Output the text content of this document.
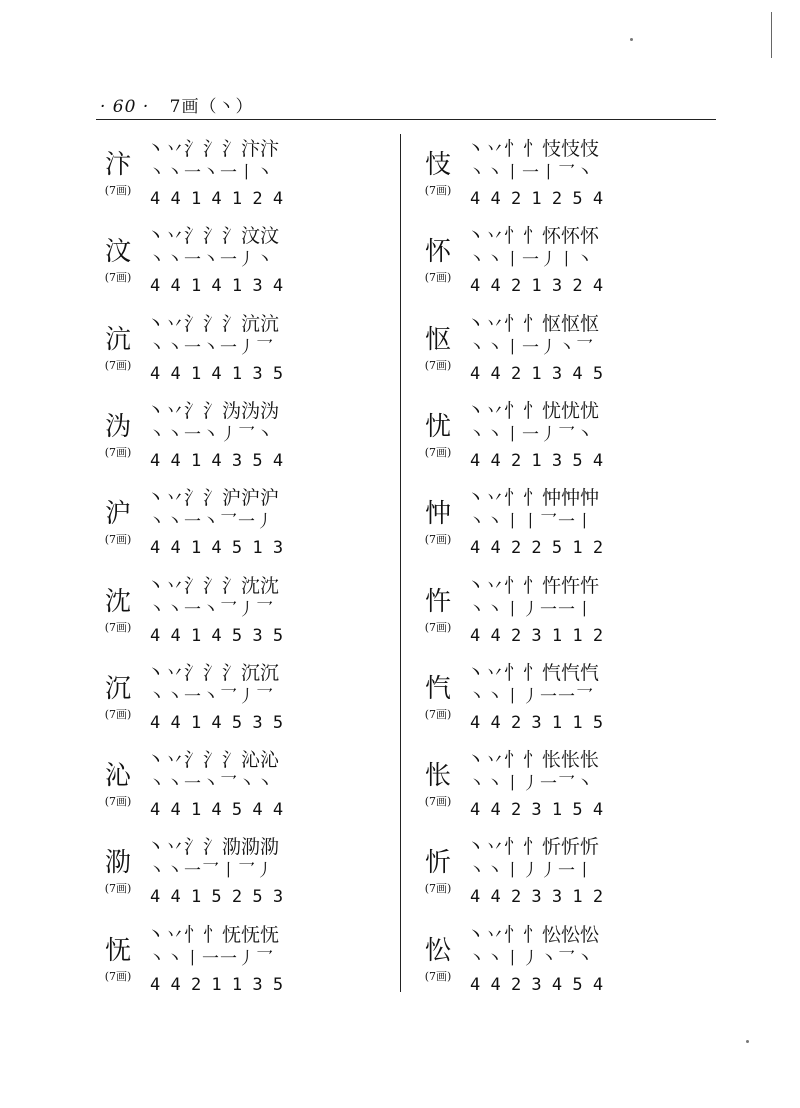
· 60 · 7画（丶）
汴
(7画)
丶丷氵氵氵汴汴
丶丶一丶一丨丶
4 4 1 4 1 2 4
汶
(7画)
丶丷氵氵氵汶汶
丶丶一丶一丿丶
4 4 1 4 1 3 4
沆
(7画)
丶丷氵氵氵沆沆
丶丶一丶一丿乛
4 4 1 4 1 3 5
沩
(7画)
丶丷氵氵沩沩沩
丶丶一丶丿乛丶
4 4 1 4 3 5 4
沪
(7画)
丶丷氵氵沪沪沪
丶丶一丶乛一丿
4 4 1 4 5 1 3
沈
(7画)
丶丷氵氵氵沈沈
丶丶一丶乛丿乛
4 4 1 4 5 3 5
沉
(7画)
丶丷氵氵氵沉沉
丶丶一丶乛丿乛
4 4 1 4 5 3 5
沁
(7画)
丶丷氵氵氵沁沁
丶丶一丶乛丶丶
4 4 1 4 5 4 4
泐
(7画)
丶丷氵氵泐泐泐
丶丶一乛丨乛丿
4 4 1 5 2 5 3
怃
(7画)
丶丷忄忄怃怃怃
丶丶丨一一丿乛
4 4 2 1 1 3 5
忮
(7画)
丶丷忄忄忮忮忮
丶丶丨一丨乛丶
4 4 2 1 2 5 4
怀
(7画)
丶丷忄忄怀怀怀
丶丶丨一丿丨丶
4 4 2 1 3 2 4
怄
(7画)
丶丷忄忄怄怄怄
丶丶丨一丿丶乛
4 4 2 1 3 4 5
忧
(7画)
丶丷忄忄忧忧忧
丶丶丨一丿乛丶
4 4 2 1 3 5 4
忡
(7画)
丶丷忄忄忡忡忡
丶丶丨丨乛一丨
4 4 2 2 5 1 2
忤
(7画)
丶丷忄忄忤忤忤
丶丶丨丿一一丨
4 4 2 3 1 1 2
忾
(7画)
丶丷忄忄忾忾忾
丶丶丨丿一一乛
4 4 2 3 1 1 5
怅
(7画)
丶丷忄忄怅怅怅
丶丶丨丿一乛丶
4 4 2 3 1 5 4
忻
(7画)
丶丷忄忄忻忻忻
丶丶丨丿丿一丨
4 4 2 3 3 1 2
忪
(7画)
丶丷忄忄忪忪忪
丶丶丨丿丶乛丶
4 4 2 3 4 5 4
